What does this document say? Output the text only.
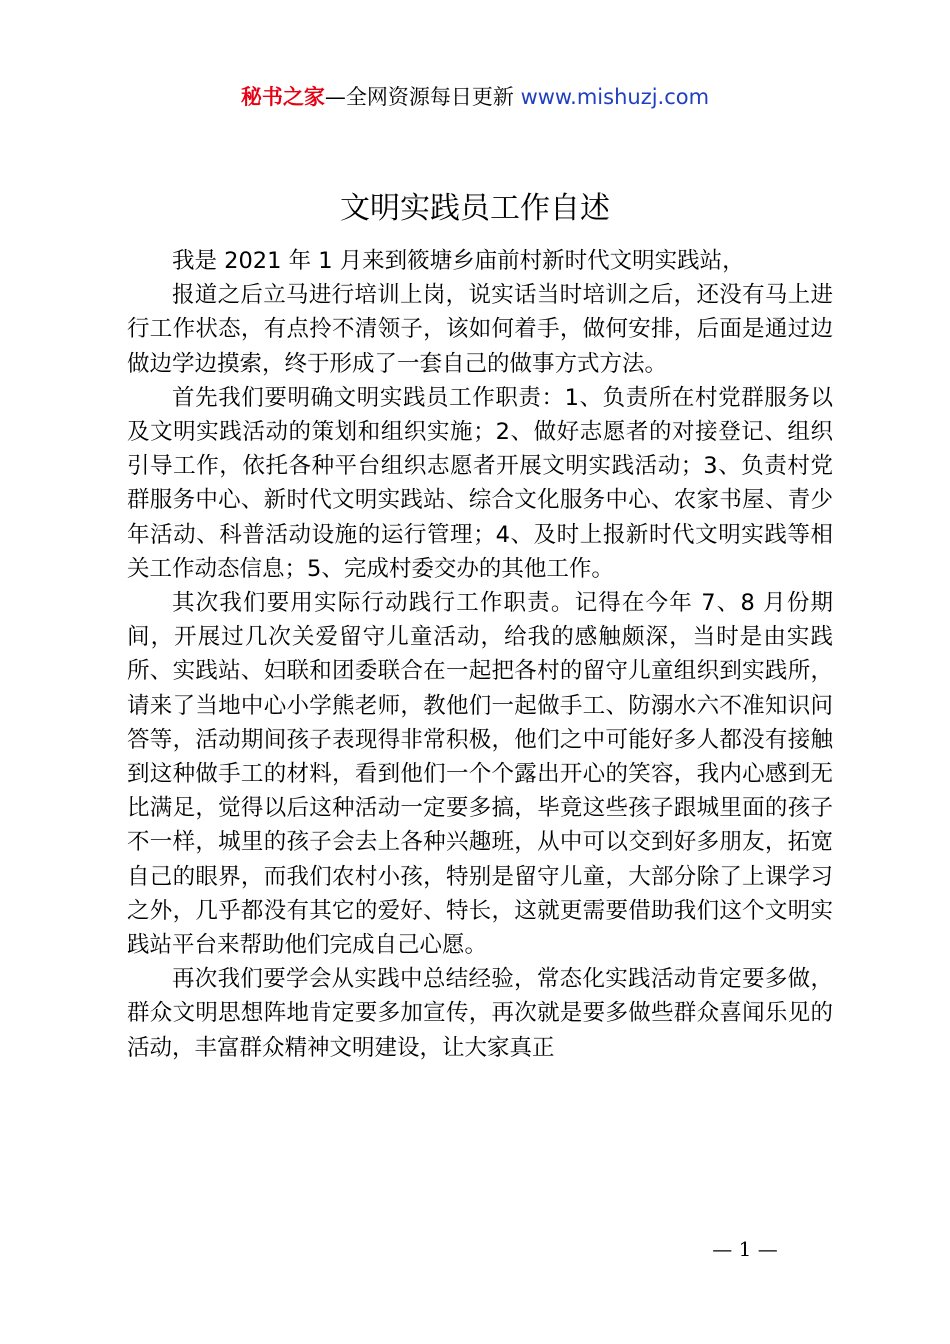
秘书之家—全网资源每日更新 www.mishuzj.com
文明实践员工作自述

我是 2021 年 1 月来到筱塘乡庙前村新时代文明实践站，

报道之后立马进行培训上岗，说实话当时培训之后，还没有马上进行工作状态，有点拎不清领子，该如何着手，做何安排，后面是通过边做边学边摸索，终于形成了一套自己的做事方式方法。

首先我们要明确文明实践员工作职责：1、负责所在村党群服务以及文明实践活动的策划和组织实施；2、做好志愿者的对接登记、组织引导工作，依托各种平台组织志愿者开展文明实践活动；3、负责村党群服务中心、新时代文明实践站、综合文化服务中心、农家书屋、青少年活动、科普活动设施的运行管理；4、及时上报新时代文明实践等相关工作动态信息；5、完成村委交办的其他工作。

其次我们要用实际行动践行工作职责。记得在今年 7、8 月份期间，开展过几次关爱留守儿童活动，给我的感触颇深，当时是由实践所、实践站、妇联和团委联合在一起把各村的留守儿童组织到实践所，请来了当地中心小学熊老师，教他们一起做手工、防溺水六不准知识问答等，活动期间孩子表现得非常积极，他们之中可能好多人都没有接触到这种做手工的材料，看到他们一个个露出开心的笑容，我内心感到无比满足，觉得以后这种活动一定要多搞，毕竟这些孩子跟城里面的孩子不一样，城里的孩子会去上各种兴趣班，从中可以交到好多朋友，拓宽自己的眼界，而我们农村小孩，特别是留守儿童，大部分除了上课学习之外，几乎都没有其它的爱好、特长，这就更需要借助我们这个文明实践站平台来帮助他们完成自己心愿。

再次我们要学会从实践中总结经验，常态化实践活动肯定要多做，群众文明思想阵地肯定要多加宣传，再次就是要多做些群众喜闻乐见的活动，丰富群众精神文明建设，让大家真正

— 1 —
